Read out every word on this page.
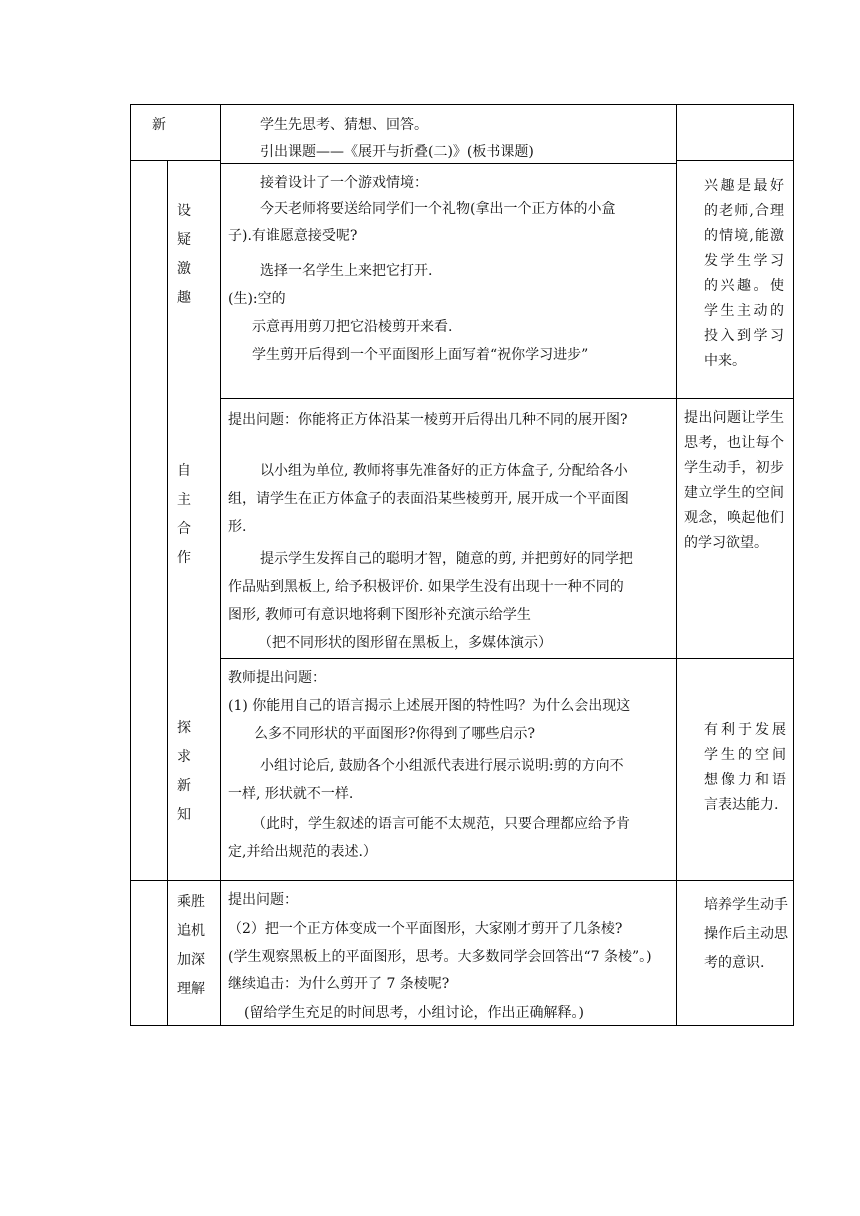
新	学生先思考、猜想、回答。
引出课题——《展开与折叠(二)》(板书课题)
设
疑
激
趣
接着设计了一个游戏情境：
今天老师将要送给同学们一个礼物(拿出一个正方体的小盒
子).有谁愿意接受呢?
选择一名学生上来把它打开.
(生):空的
示意再用剪刀把它沿棱剪开来看.
学生剪开后得到一个平面图形上面写着“祝你学习进步”
兴趣是最好的老师,合理的情境,能激发学生学习的兴趣。使学生主动的投入到学习中来。
自
主
合
作
提出问题：你能将正方体沿某一棱剪开后得出几种不同的展开图?
以小组为单位, 教师将事先准备好的正方体盒子, 分配给各小
组，请学生在正方体盒子的表面沿某些棱剪开, 展开成一个平面图
形.
提示学生发挥自己的聪明才智，随意的剪, 并把剪好的同学把
作品贴到黑板上, 给予积极评价. 如果学生没有出现十一种不同的
图形, 教师可有意识地将剩下图形补充演示给学生
（把不同形状的图形留在黑板上，多媒体演示）
提出问题让学生思考，也让每个学生动手，初步建立学生的空间观念，唤起他们的学习欲望。
探
求
新
知
教师提出问题：
(1) 你能用自己的语言揭示上述展开图的特性吗？为什么会出现这
么多不同形状的平面图形?你得到了哪些启示?
小组讨论后, 鼓励各个小组派代表进行展示说明:剪的方向不
一样, 形状就不一样.
（此时，学生叙述的语言可能不太规范，只要合理都应给予肯
定,并给出规范的表述.）
有利于发展学生的空间想像力和语言表达能力.
乘胜
追机
加深
理解
提出问题：
（2）把一个正方体变成一个平面图形，大家刚才剪开了几条棱?
(学生观察黑板上的平面图形，思考。大多数同学会回答出“7 条棱”。)
继续追击：为什么剪开了 7 条棱呢?
(留给学生充足的时间思考，小组讨论，作出正确解释。)
培养学生动手操作后主动思考的意识.
